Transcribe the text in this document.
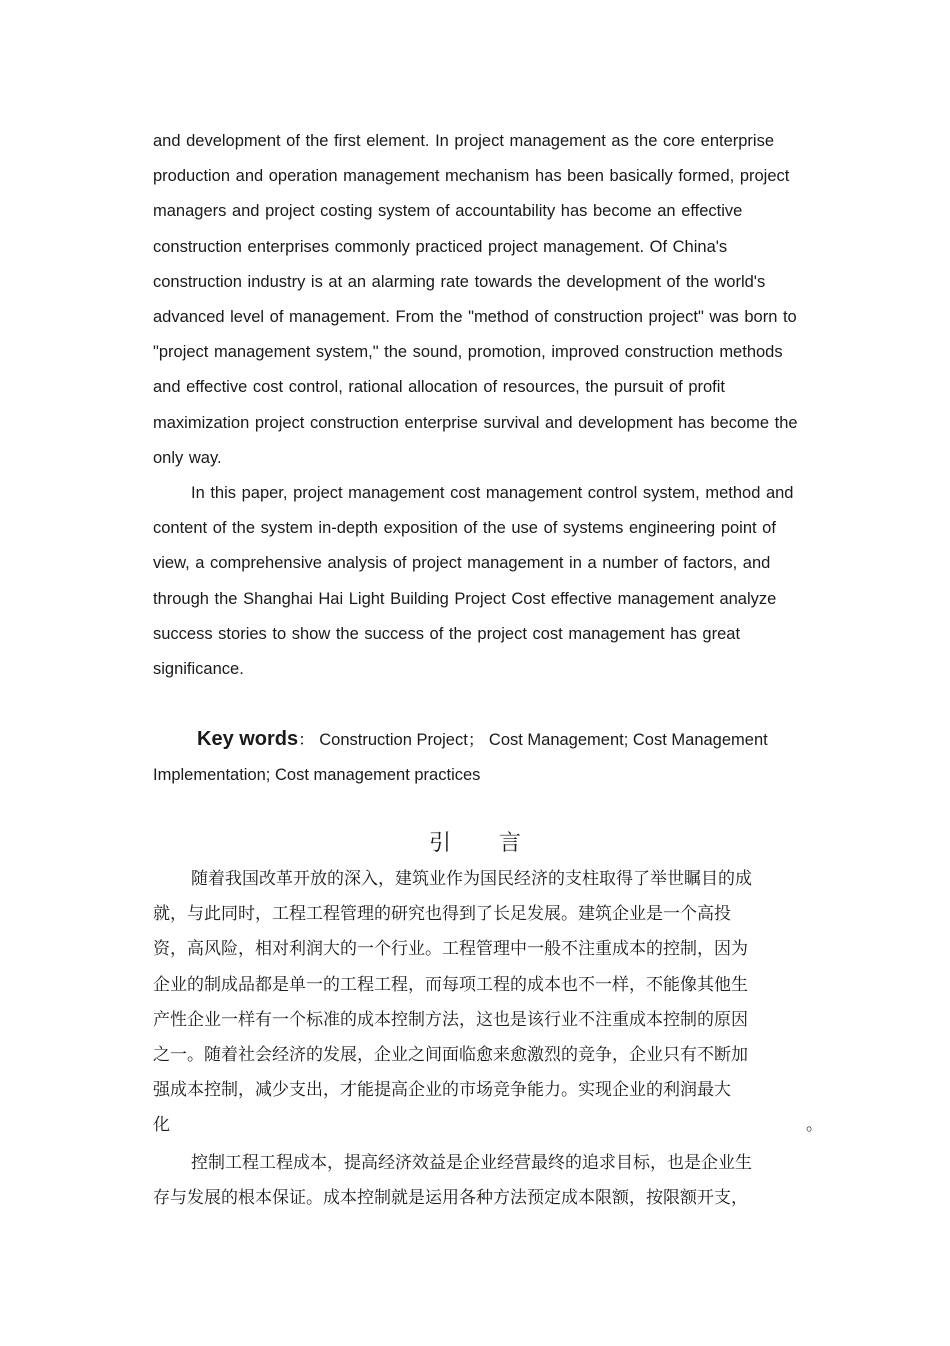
and development of the first element. In project management as the core enterprise

production and operation management mechanism has been basically formed, project

managers and project costing system of accountability has become an effective

construction enterprises commonly practiced project management. Of China's

construction industry is at an alarming rate towards the development of the world's

advanced level of management. From the "method of construction project" was born to

"project management system," the sound, promotion, improved construction methods

and effective cost control, rational allocation of resources, the pursuit of profit

maximization project construction enterprise survival and development has become the

only way.

In this paper, project management cost management control system, method and

content of the system in-depth exposition of the use of systems engineering point of

view, a comprehensive analysis of project management in a number of factors, and

through the Shanghai Hai Light Building Project Cost effective management analyze

success stories to show the success of the project cost management has great

significance.

Key words： Construction Project； Cost Management; Cost Management
Implementation; Cost management practices
引言
随着我国改革开放的深入，建筑业作为国民经济的支柱取得了举世瞩目的成
就，与此同时，工程工程管理的研究也得到了长足发展。建筑企业是一个高投
资，高风险，相对利润大的一个行业。工程管理中一般不注重成本的控制，因为
企业的制成品都是单一的工程工程，而每项工程的成本也不一样，不能像其他生
产性企业一样有一个标准的成本控制方法，这也是该行业不注重成本控制的原因
之一。随着社会经济的发展，企业之间面临愈来愈激烈的竞争，企业只有不断加
强成本控制，减少支出，才能提高企业的市场竞争能力。实现企业的利润最大
化	。
控制工程工程成本，提高经济效益是企业经营最终的追求目标，也是企业生
存与发展的根本保证。成本控制就是运用各种方法预定成本限额，按限额开支，
